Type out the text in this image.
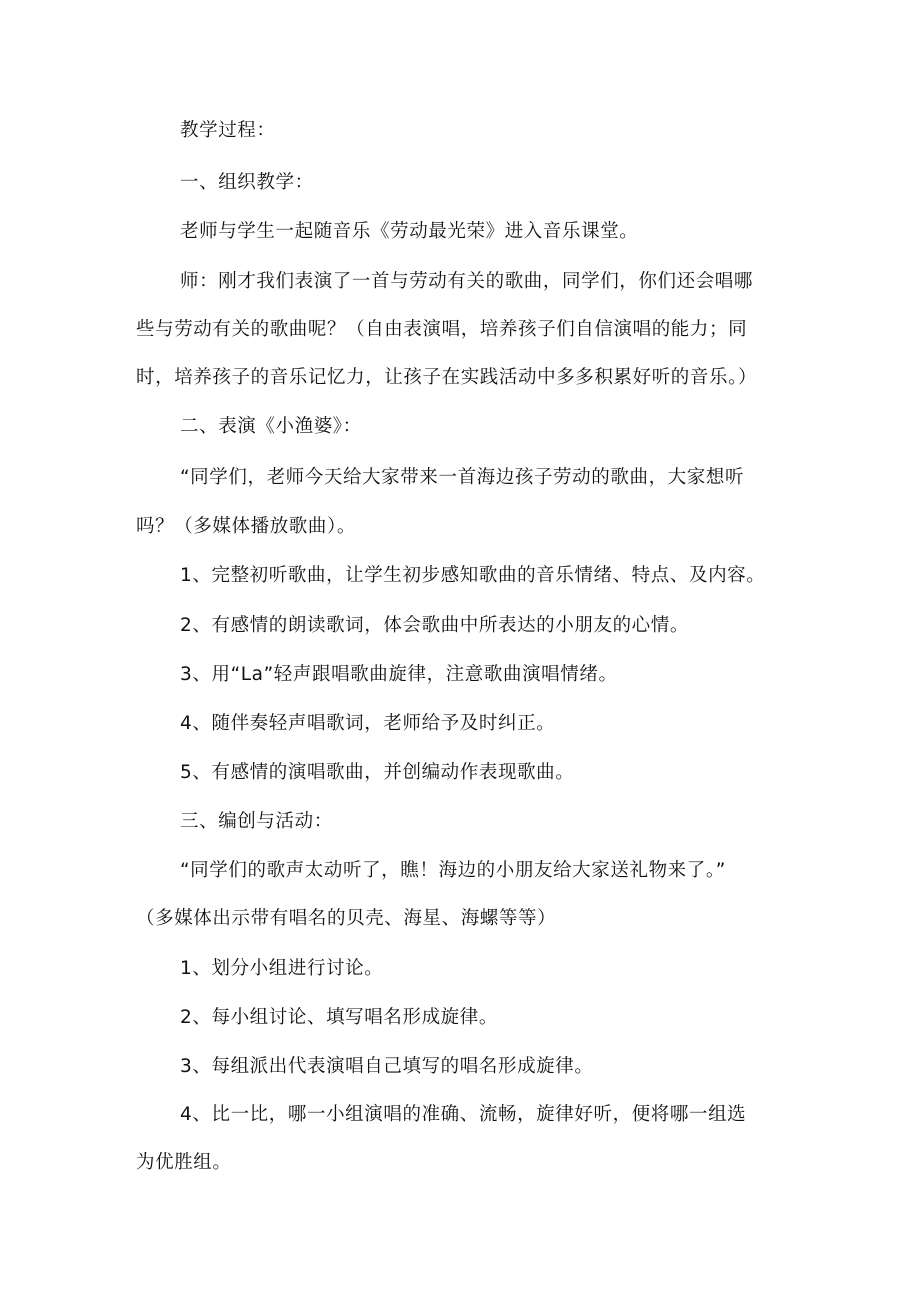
教学过程：
一、组织教学：
老师与学生一起随音乐《劳动最光荣》进入音乐课堂。
师：刚才我们表演了一首与劳动有关的歌曲，同学们，你们还会唱哪
些与劳动有关的歌曲呢？（自由表演唱，培养孩子们自信演唱的能力；同
时，培养孩子的音乐记忆力，让孩子在实践活动中多多积累好听的音乐。）
二、表演《小渔婆》：
“同学们，老师今天给大家带来一首海边孩子劳动的歌曲，大家想听
吗？（多媒体播放歌曲）。
1、完整初听歌曲，让学生初步感知歌曲的音乐情绪、特点、及内容。
2、有感情的朗读歌词，体会歌曲中所表达的小朋友的心情。
3、用“La”轻声跟唱歌曲旋律，注意歌曲演唱情绪。
4、随伴奏轻声唱歌词，老师给予及时纠正。
5、有感情的演唱歌曲，并创编动作表现歌曲。
三、编创与活动：
“同学们的歌声太动听了，瞧！海边的小朋友给大家送礼物来了。”
（多媒体出示带有唱名的贝壳、海星、海螺等等）
1、划分小组进行讨论。
2、每小组讨论、填写唱名形成旋律。
3、每组派出代表演唱自己填写的唱名形成旋律。
4、比一比，哪一小组演唱的准确、流畅，旋律好听，便将哪一组选
为优胜组。
